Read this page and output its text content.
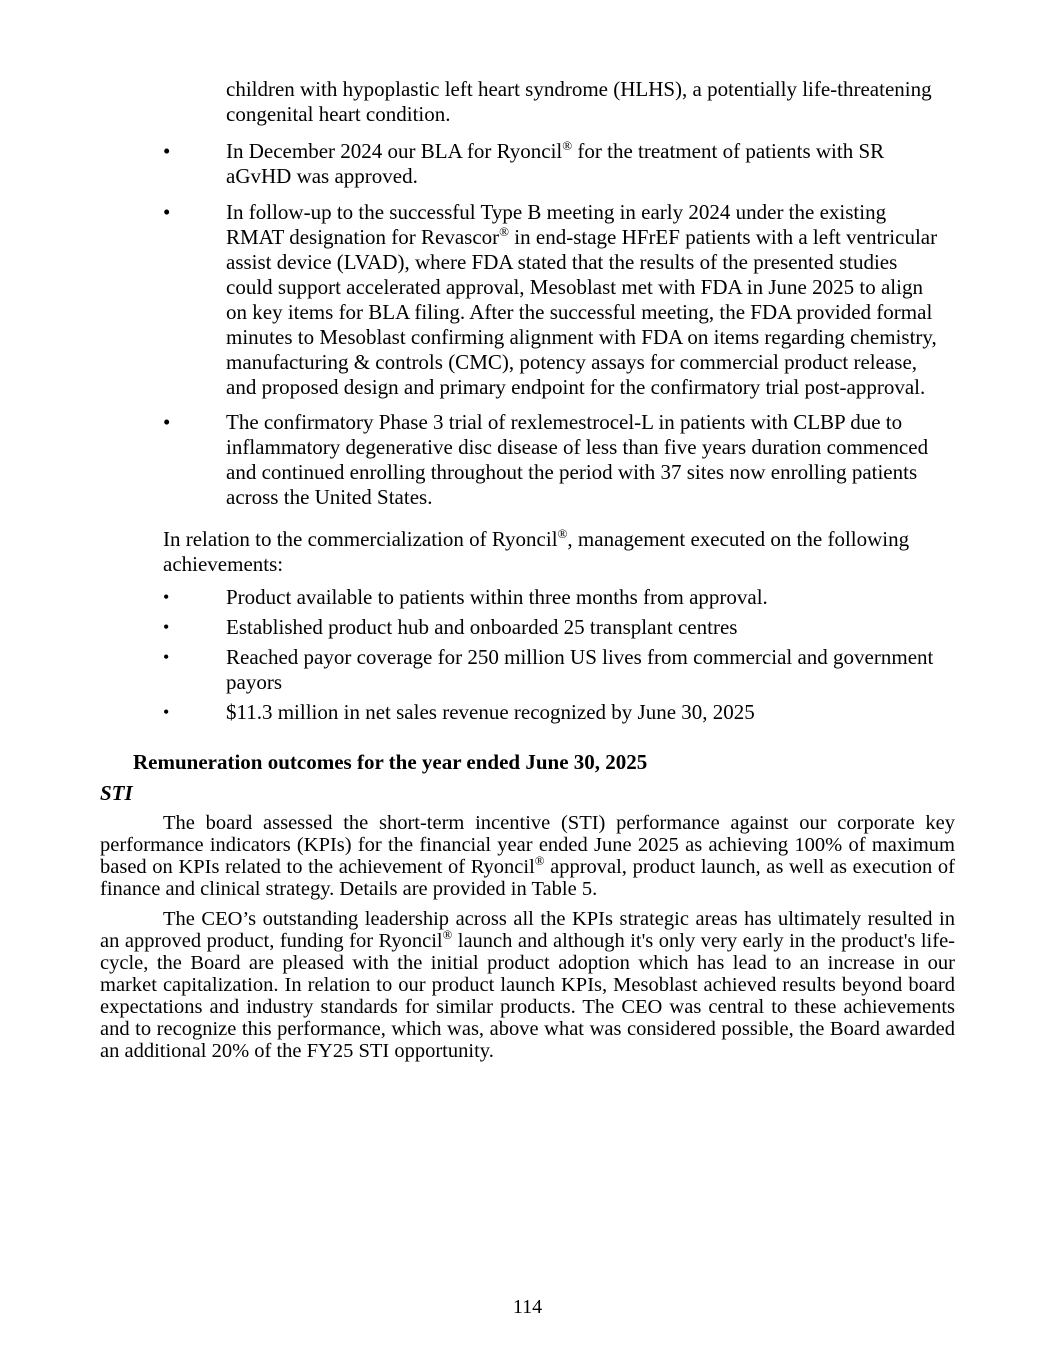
children with hypoplastic left heart syndrome (HLHS), a potentially life-threatening congenital heart condition.
•	In December 2024 our BLA for Ryoncil® for the treatment of patients with SR aGvHD was approved.
•	In follow-up to the successful Type B meeting in early 2024 under the existing RMAT designation for Revascor® in end-stage HFrEF patients with a left ventricular assist device (LVAD), where FDA stated that the results of the presented studies could support accelerated approval, Mesoblast met with FDA in June 2025 to align on key items for BLA filing. After the successful meeting, the FDA provided formal minutes to Mesoblast confirming alignment with FDA on items regarding chemistry, manufacturing & controls (CMC), potency assays for commercial product release, and proposed design and primary endpoint for the confirmatory trial post-approval.
•	The confirmatory Phase 3 trial of rexlemestrocel-L in patients with CLBP due to inflammatory degenerative disc disease of less than five years duration commenced and continued enrolling throughout the period with 37 sites now enrolling patients across the United States.
In relation to the commercialization of Ryoncil®, management executed on the following achievements:
•	Product available to patients within three months from approval.
•	Established product hub and onboarded 25 transplant centres
•	Reached payor coverage for 250 million US lives from commercial and government payors
•	$11.3 million in net sales revenue recognized by June 30, 2025
Remuneration outcomes for the year ended June 30, 2025
STI
The board assessed the short-term incentive (STI) performance against our corporate key performance indicators (KPIs) for the financial year ended June 2025 as achieving 100% of maximum based on KPIs related to the achievement of Ryoncil® approval, product launch, as well as execution of finance and clinical strategy. Details are provided in Table 5.
The CEO’s outstanding leadership across all the KPIs strategic areas has ultimately resulted in an approved product, funding for Ryoncil® launch and although it's only very early in the product's life-cycle, the Board are pleased with the initial product adoption which has lead to an increase in our market capitalization. In relation to our product launch KPIs, Mesoblast achieved results beyond board expectations and industry standards for similar products. The CEO was central to these achievements and to recognize this performance, which was, above what was considered possible, the Board awarded an additional 20% of the FY25 STI opportunity.
114
